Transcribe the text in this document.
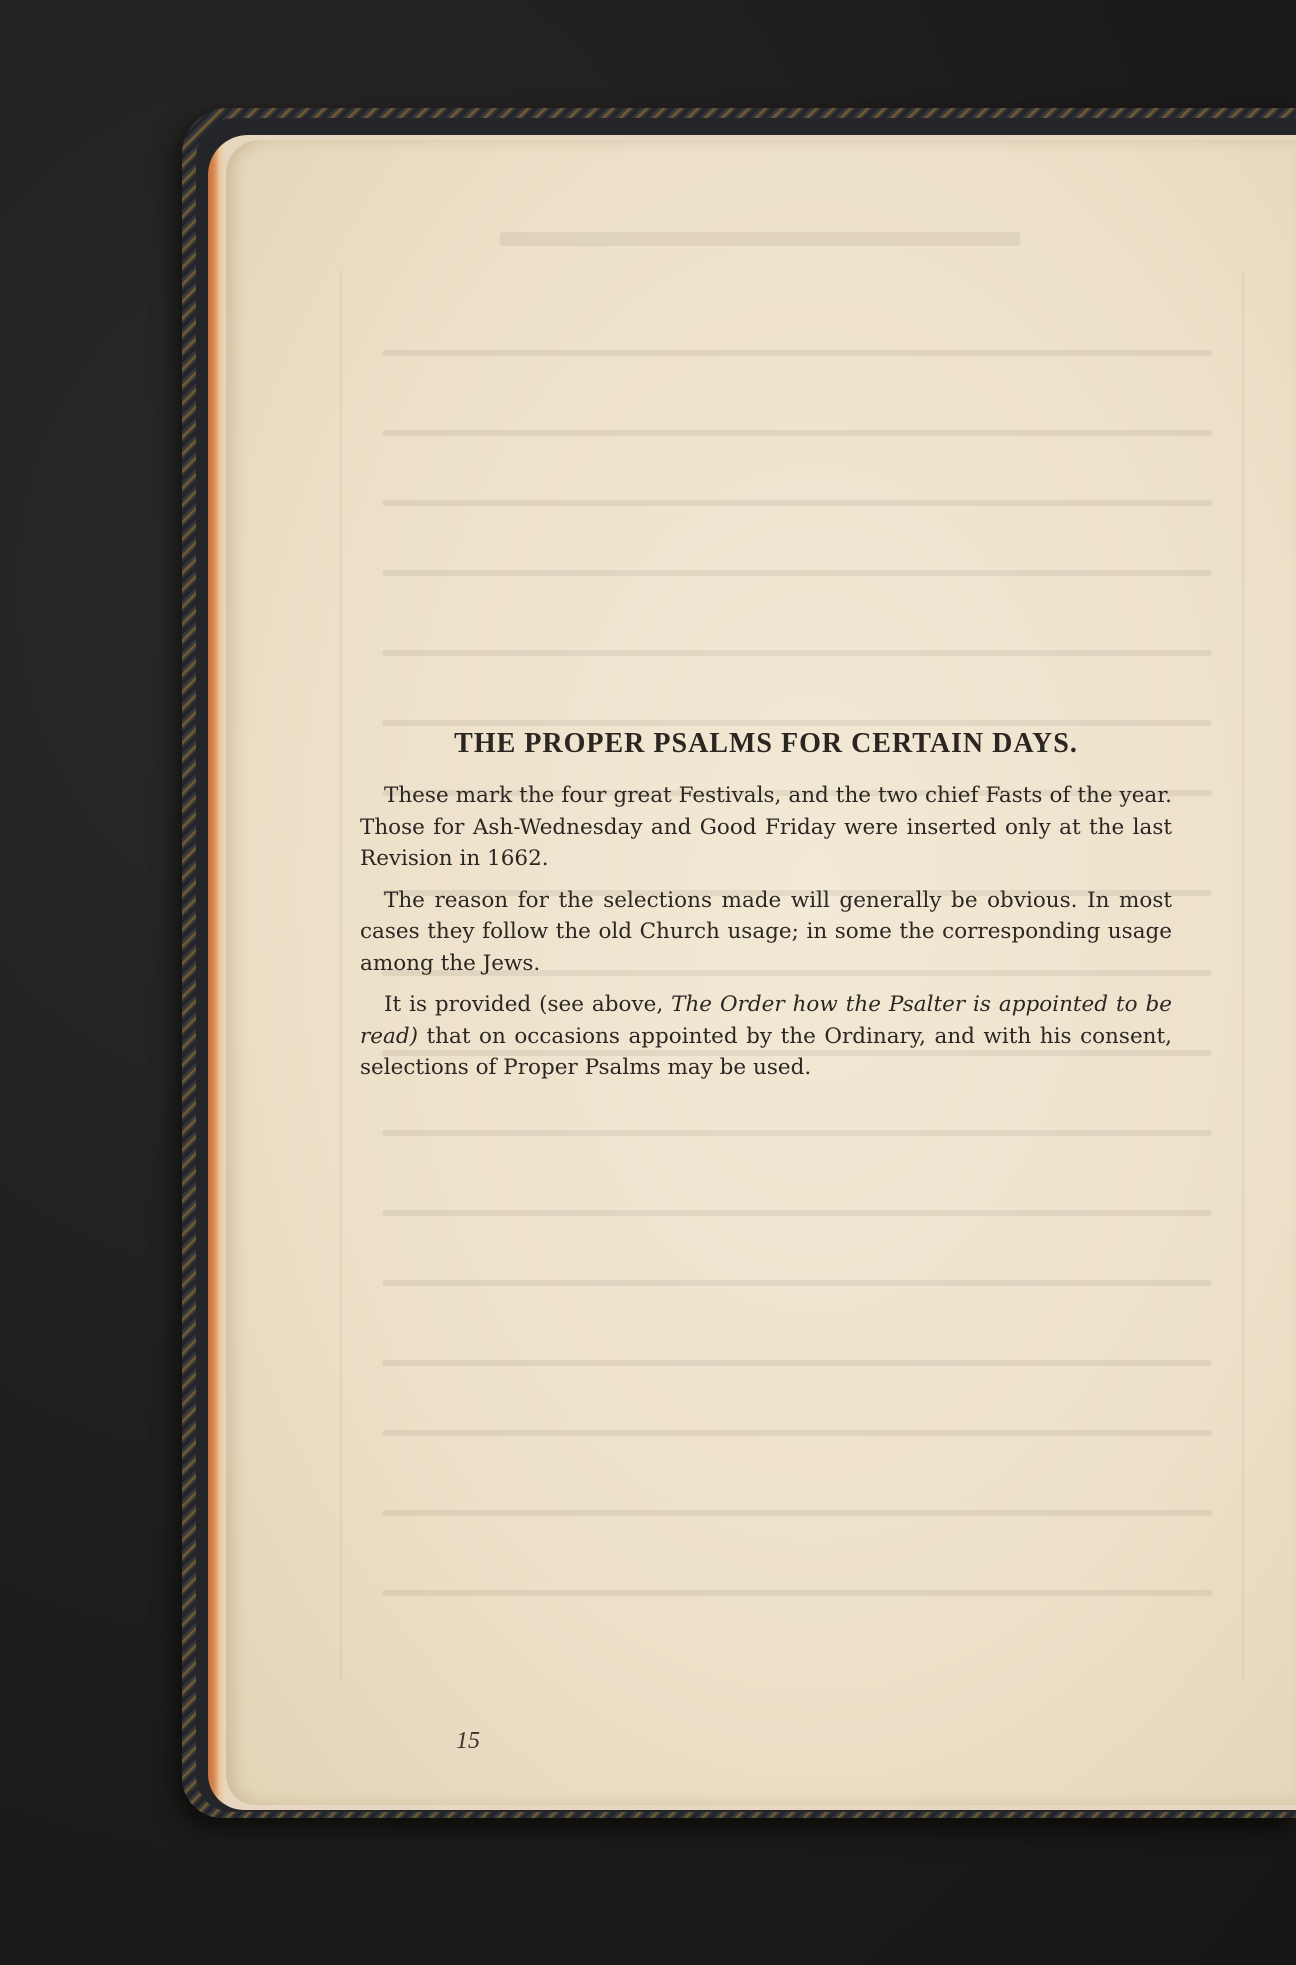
THE PROPER PSALMS FOR CERTAIN DAYS.

These mark the four great Festivals, and the two chief Fasts of the year. Those for Ash-Wednesday and Good Friday were inserted only at the last Revision in 1662.

The reason for the selections made will generally be obvious. In most cases they follow the old Church usage; in some the corresponding usage among the Jews.

It is provided (see above, The Order how the Psalter is appointed to be read) that on occasions appointed by the Ordinary, and with his consent, selections of Proper Psalms may be used.

15
